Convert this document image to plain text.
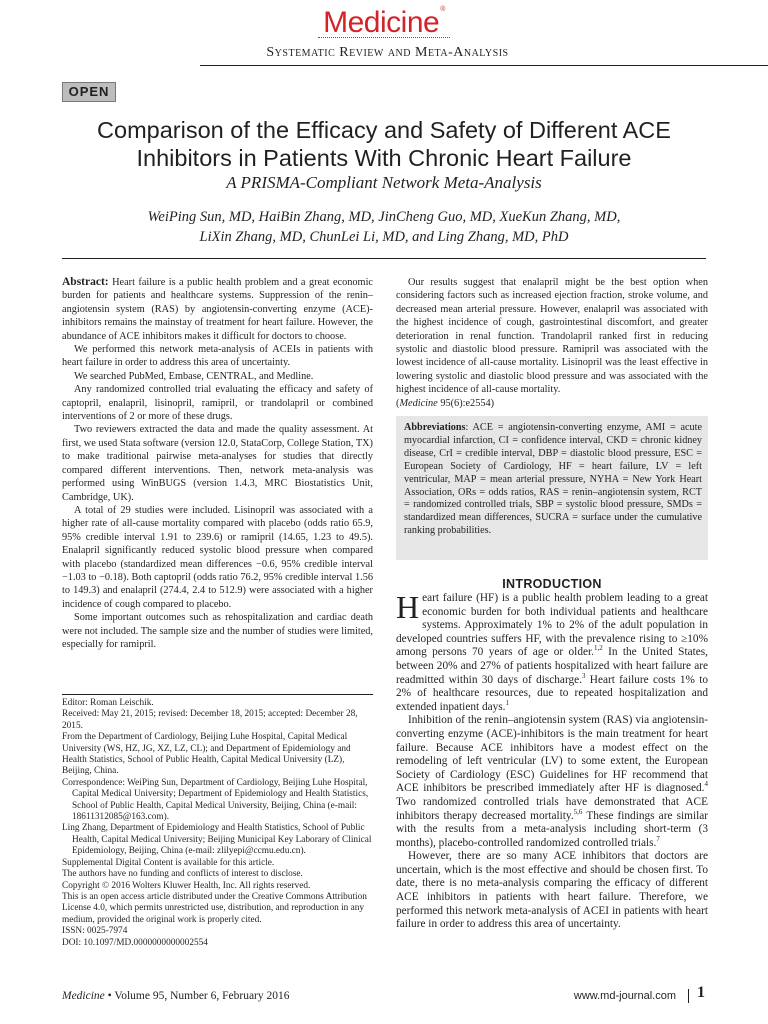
Medicine®
Systematic Review and Meta-Analysis
OPEN
Comparison of the Efficacy and Safety of Different ACE Inhibitors in Patients With Chronic Heart Failure
A PRISMA-Compliant Network Meta-Analysis
WeiPing Sun, MD, HaiBin Zhang, MD, JinCheng Guo, MD, XueKun Zhang, MD,
LiXin Zhang, MD, ChunLei Li, MD, and Ling Zhang, MD, PhD

Abstract: Heart failure is a public health problem and a great economic burden for patients and healthcare systems. Suppression of the renin–angiotensin system (RAS) by angiotensin-converting enzyme (ACE)-inhibitors remains the mainstay of treatment for heart failure. However, the abundance of ACE inhibitors makes it difficult for doctors to choose.

We performed this network meta-analysis of ACEIs in patients with heart failure in order to address this area of uncertainty.

We searched PubMed, Embase, CENTRAL, and Medline.

Any randomized controlled trial evaluating the efficacy and safety of captopril, enalapril, lisinopril, ramipril, or trandolapril or combined interventions of 2 or more of these drugs.

Two reviewers extracted the data and made the quality assessment. At first, we used Stata software (version 12.0, StataCorp, College Station, TX) to make traditional pairwise meta-analyses for studies that directly compared different interventions. Then, network meta-analysis was performed using WinBUGS (version 1.4.3, MRC Biostatistics Unit, Cambridge, UK).

A total of 29 studies were included. Lisinopril was associated with a higher rate of all-cause mortality compared with placebo (odds ratio 65.9, 95% credible interval 1.91 to 239.6) or ramipril (14.65, 1.23 to 49.5). Enalapril significantly reduced systolic blood pressure when compared with placebo (standardized mean differences −0.6, 95% credible interval −1.03 to −0.18). Both captopril (odds ratio 76.2, 95% credible interval 1.56 to 149.3) and enalapril (274.4, 2.4 to 512.9) were associated with a higher incidence of cough compared to placebo.

Some important outcomes such as rehospitalization and cardiac death were not included. The sample size and the number of studies were limited, especially for ramipril.

Editor: Roman Leischik.

Received: May 21, 2015; revised: December 18, 2015; accepted: December 28, 2015.

From the Department of Cardiology, Beijing Luhe Hospital, Capital Medical University (WS, HZ, JG, XZ, LZ, CL); and Department of Epidemiology and Health Statistics, School of Public Health, Capital Medical University (LZ), Beijing, China.

Correspondence: WeiPing Sun, Department of Cardiology, Beijing Luhe Hospital, Capital Medical University; Department of Epidemiology and Health Statistics, School of Public Health, Capital Medical University, Beijing, China (e-mail: 18611312085@163.com).

Ling Zhang, Department of Epidemiology and Health Statistics, School of Public Health, Capital Medical University; Beijing Municipal Key Laborary of Clinical Epidemiology, Beijing, China (e-mail: zlilyepi@ccmu.edu.cn).

Supplemental Digital Content is available for this article.

The authors have no funding and conflicts of interest to disclose.

Copyright © 2016 Wolters Kluwer Health, Inc. All rights reserved.

This is an open access article distributed under the Creative Commons Attribution License 4.0, which permits unrestricted use, distribution, and reproduction in any medium, provided the original work is properly cited.

ISSN: 0025-7974

DOI: 10.1097/MD.0000000000002554

Our results suggest that enalapril might be the best option when considering factors such as increased ejection fraction, stroke volume, and decreased mean arterial pressure. However, enalapril was associated with the highest incidence of cough, gastrointestinal discomfort, and greater deterioration in renal function. Trandolapril ranked first in reducing systolic and diastolic blood pressure. Ramipril was associated with the lowest incidence of all-cause mortality. Lisinopril was the least effective in lowering systolic and diastolic blood pressure and was associated with the highest incidence of all-cause mortality.

(Medicine 95(6):e2554)
Abbreviations: ACE = angiotensin-converting enzyme, AMI = acute myocardial infarction, CI = confidence interval, CKD = chronic kidney disease, CrI = credible interval, DBP = diastolic blood pressure, ESC = European Society of Cardiology, HF = heart failure, LV = left ventricular, MAP = mean arterial pressure, NYHA = New York Heart Association, ORs = odds ratios, RAS = renin–angiotensin system, RCT = randomized controlled trials, SBP = systolic blood pressure, SMDs = standardized mean differences, SUCRA = surface under the cumulative ranking probabilities.
INTRODUCTION

Heart failure (HF) is a public health problem leading to a great economic burden for both individual patients and healthcare systems. Approximately 1% to 2% of the adult population in developed countries suffers HF, with the prevalence rising to ≥10% among persons 70 years of age or older.$^{1,2}$ In the United States, between 20% and 27% of patients hospitalized with heart failure are readmitted within 30 days of discharge.$^3$ Heart failure costs 1% to 2% of healthcare resources, due to repeated hospitalization and extended inpatient days.$^1$

Inhibition of the renin–angiotensin system (RAS) via angiotensin-converting enzyme (ACE)-inhibitors is the main treatment for heart failure. Because ACE inhibitors have a modest effect on the remodeling of left ventricular (LV) to some extent, the European Society of Cardiology (ESC) Guidelines for HF recommend that ACE inhibitors be prescribed immediately after HF is diagnosed.$^4$ Two randomized controlled trials have demonstrated that ACE inhibitors therapy decreased mortality.$^{5,6}$ These findings are similar with the results from a meta-analysis including short-term (3 months), placebo-controlled randomized controlled trials.$^7$

However, there are so many ACE inhibitors that doctors are uncertain, which is the most effective and should be chosen first. To date, there is no meta-analysis comparing the efficacy of different ACE inhibitors in patients with heart failure. Therefore, we performed this network meta-analysis of ACEI in patients with heart failure in order to address this area of uncertainty.

Medicine • Volume 95, Number 6, February 2016	www.md-journal.com 1
